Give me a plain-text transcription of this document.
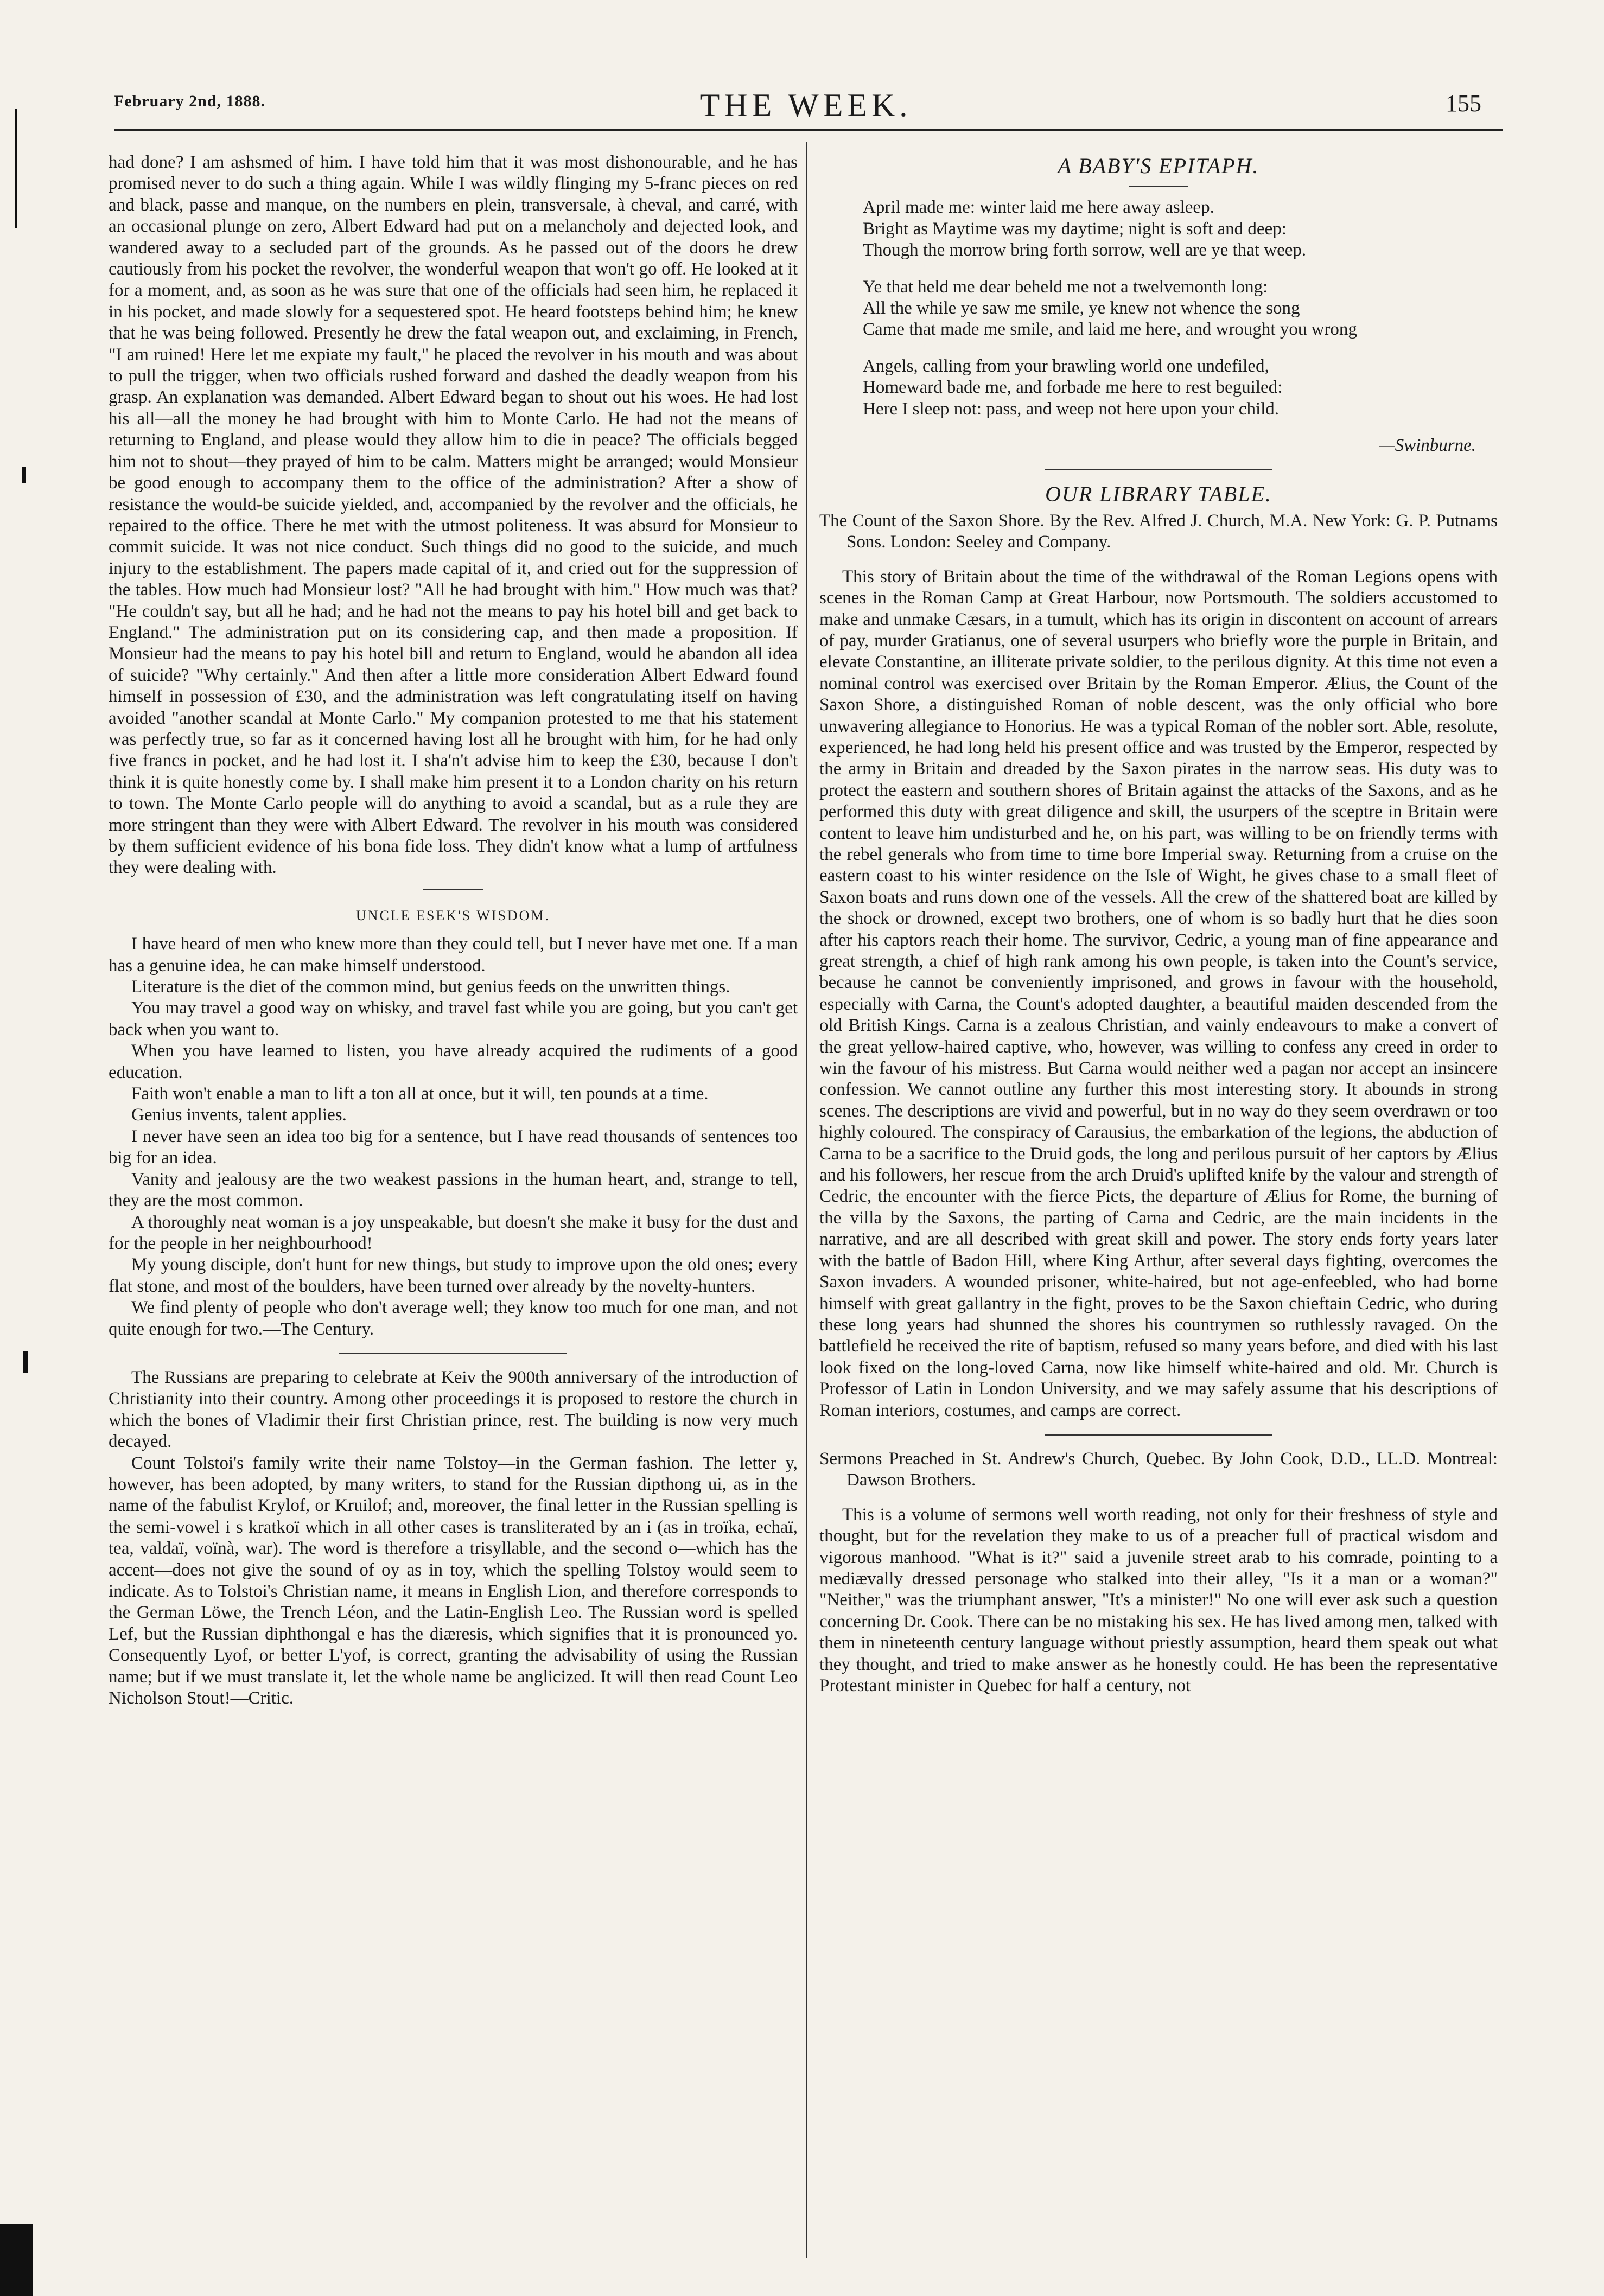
February 2nd, 1888.	THE WEEK.	155

had done? I am ashsmed of him. I have told him that it was most dishonourable, and he has promised never to do such a thing again. While I was wildly flinging my 5-franc pieces on red and black, passe and manque, on the numbers en plein, transversale, à cheval, and carré, with an occasional plunge on zero, Albert Edward had put on a melancholy and dejected look, and wandered away to a secluded part of the grounds. As he passed out of the doors he drew cautiously from his pocket the revolver, the wonderful weapon that won't go off. He looked at it for a moment, and, as soon as he was sure that one of the officials had seen him, he replaced it in his pocket, and made slowly for a sequestered spot. He heard footsteps behind him; he knew that he was being followed. Presently he drew the fatal weapon out, and exclaiming, in French, "I am ruined! Here let me expiate my fault," he placed the revolver in his mouth and was about to pull the trigger, when two officials rushed forward and dashed the deadly weapon from his grasp. An explanation was demanded. Albert Edward began to shout out his woes. He had lost his all—all the money he had brought with him to Monte Carlo. He had not the means of returning to England, and please would they allow him to die in peace? The officials begged him not to shout—they prayed of him to be calm. Matters might be arranged; would Monsieur be good enough to accompany them to the office of the administration? After a show of resistance the would-be suicide yielded, and, accompanied by the revolver and the officials, he repaired to the office. There he met with the utmost politeness. It was absurd for Monsieur to commit suicide. It was not nice conduct. Such things did no good to the suicide, and much injury to the establishment. The papers made capital of it, and cried out for the suppression of the tables. How much had Monsieur lost? "All he had brought with him." How much was that? "He couldn't say, but all he had; and he had not the means to pay his hotel bill and get back to England." The administration put on its considering cap, and then made a proposition. If Monsieur had the means to pay his hotel bill and return to England, would he abandon all idea of suicide? "Why certainly." And then after a little more consideration Albert Edward found himself in possession of £30, and the administration was left congratulating itself on having avoided "another scandal at Monte Carlo." My companion protested to me that his statement was perfectly true, so far as it concerned having lost all he brought with him, for he had only five francs in pocket, and he had lost it. I sha'n't advise him to keep the £30, because I don't think it is quite honestly come by. I shall make him present it to a London charity on his return to town. The Monte Carlo people will do anything to avoid a scandal, but as a rule they are more stringent than they were with Albert Edward. The revolver in his mouth was considered by them sufficient evidence of his bona fide loss. They didn't know what a lump of artfulness they were dealing with.

UNCLE ESEK'S WISDOM.

I have heard of men who knew more than they could tell, but I never have met one. If a man has a genuine idea, he can make himself understood.

Literature is the diet of the common mind, but genius feeds on the unwritten things.

You may travel a good way on whisky, and travel fast while you are going, but you can't get back when you want to.

When you have learned to listen, you have already acquired the rudiments of a good education.

Faith won't enable a man to lift a ton all at once, but it will, ten pounds at a time.

Genius invents, talent applies.

I never have seen an idea too big for a sentence, but I have read thousands of sentences too big for an idea.

Vanity and jealousy are the two weakest passions in the human heart, and, strange to tell, they are the most common.

A thoroughly neat woman is a joy unspeakable, but doesn't she make it busy for the dust and for the people in her neighbourhood!

My young disciple, don't hunt for new things, but study to improve upon the old ones; every flat stone, and most of the boulders, have been turned over already by the novelty-hunters.

We find plenty of people who don't average well; they know too much for one man, and not quite enough for two.—The Century.

The Russians are preparing to celebrate at Keiv the 900th anniversary of the introduction of Christianity into their country. Among other proceedings it is proposed to restore the church in which the bones of Vladimir their first Christian prince, rest. The building is now very much decayed.

Count Tolstoi's family write their name Tolstoy—in the German fashion. The letter y, however, has been adopted, by many writers, to stand for the Russian dipthong ui, as in the name of the fabulist Krylof, or Kruilof; and, moreover, the final letter in the Russian spelling is the semi-vowel i s kratkoï which in all other cases is transliterated by an i (as in troïka, echaï, tea, valdaï, voïnà, war). The word is therefore a trisyllable, and the second o—which has the accent—does not give the sound of oy as in toy, which the spelling Tolstoy would seem to indicate. As to Tolstoi's Christian name, it means in English Lion, and therefore corresponds to the German Löwe, the Trench Léon, and the Latin-English Leo. The Russian word is spelled Lef, but the Russian diphthongal e has the diæresis, which signifies that it is pronounced yo. Consequently Lyof, or better L'yof, is correct, granting the advisability of using the Russian name; but if we must translate it, let the whole name be anglicized. It will then read Count Leo Nicholson Stout!—Critic.

A BABY'S EPITAPH.
April made me: winter laid me here away asleep.
Bright as Maytime was my daytime; night is soft and deep:
Though the morrow bring forth sorrow, well are ye that weep.
Ye that held me dear beheld me not a twelvemonth long:
All the while ye saw me smile, ye knew not whence the song
Came that made me smile, and laid me here, and wrought you wrong
Angels, calling from your brawling world one undefiled,
Homeward bade me, and forbade me here to rest beguiled:
Here I sleep not: pass, and weep not here upon your child.
—Swinburne.
OUR LIBRARY TABLE.

The Count of the Saxon Shore. By the Rev. Alfred J. Church, M.A. New York: G. P. Putnams Sons. London: Seeley and Company.

This story of Britain about the time of the withdrawal of the Roman Legions opens with scenes in the Roman Camp at Great Harbour, now Portsmouth. The soldiers accustomed to make and unmake Cæsars, in a tumult, which has its origin in discontent on account of arrears of pay, murder Gratianus, one of several usurpers who briefly wore the purple in Britain, and elevate Constantine, an illiterate private soldier, to the perilous dignity. At this time not even a nominal control was exercised over Britain by the Roman Emperor. Ælius, the Count of the Saxon Shore, a distinguished Roman of noble descent, was the only official who bore unwavering allegiance to Honorius. He was a typical Roman of the nobler sort. Able, resolute, experienced, he had long held his present office and was trusted by the Emperor, respected by the army in Britain and dreaded by the Saxon pirates in the narrow seas. His duty was to protect the eastern and southern shores of Britain against the attacks of the Saxons, and as he performed this duty with great diligence and skill, the usurpers of the sceptre in Britain were content to leave him undisturbed and he, on his part, was willing to be on friendly terms with the rebel generals who from time to time bore Imperial sway. Returning from a cruise on the eastern coast to his winter residence on the Isle of Wight, he gives chase to a small fleet of Saxon boats and runs down one of the vessels. All the crew of the shattered boat are killed by the shock or drowned, except two brothers, one of whom is so badly hurt that he dies soon after his captors reach their home. The survivor, Cedric, a young man of fine appearance and great strength, a chief of high rank among his own people, is taken into the Count's service, because he cannot be conveniently imprisoned, and grows in favour with the household, especially with Carna, the Count's adopted daughter, a beautiful maiden descended from the old British Kings. Carna is a zealous Christian, and vainly endeavours to make a convert of the great yellow-haired captive, who, however, was willing to confess any creed in order to win the favour of his mistress. But Carna would neither wed a pagan nor accept an insincere confession. We cannot outline any further this most interesting story. It abounds in strong scenes. The descriptions are vivid and powerful, but in no way do they seem overdrawn or too highly coloured. The conspiracy of Carausius, the embarkation of the legions, the abduction of Carna to be a sacrifice to the Druid gods, the long and perilous pursuit of her captors by Ælius and his followers, her rescue from the arch Druid's uplifted knife by the valour and strength of Cedric, the encounter with the fierce Picts, the departure of Ælius for Rome, the burning of the villa by the Saxons, the parting of Carna and Cedric, are the main incidents in the narrative, and are all described with great skill and power. The story ends forty years later with the battle of Badon Hill, where King Arthur, after several days fighting, overcomes the Saxon invaders. A wounded prisoner, white-haired, but not age-enfeebled, who had borne himself with great gallantry in the fight, proves to be the Saxon chieftain Cedric, who during these long years had shunned the shores his countrymen so ruthlessly ravaged. On the battlefield he received the rite of baptism, refused so many years before, and died with his last look fixed on the long-loved Carna, now like himself white-haired and old. Mr. Church is Professor of Latin in London University, and we may safely assume that his descriptions of Roman interiors, costumes, and camps are correct.

Sermons Preached in St. Andrew's Church, Quebec. By John Cook, D.D., LL.D. Montreal: Dawson Brothers.

This is a volume of sermons well worth reading, not only for their freshness of style and thought, but for the revelation they make to us of a preacher full of practical wisdom and vigorous manhood. "What is it?" said a juvenile street arab to his comrade, pointing to a mediævally dressed personage who stalked into their alley, "Is it a man or a woman?" "Neither," was the triumphant answer, "It's a minister!" No one will ever ask such a question concerning Dr. Cook. There can be no mistaking his sex. He has lived among men, talked with them in nineteenth century language without priestly assumption, heard them speak out what they thought, and tried to make answer as he honestly could. He has been the representative Protestant minister in Quebec for half a century, not
